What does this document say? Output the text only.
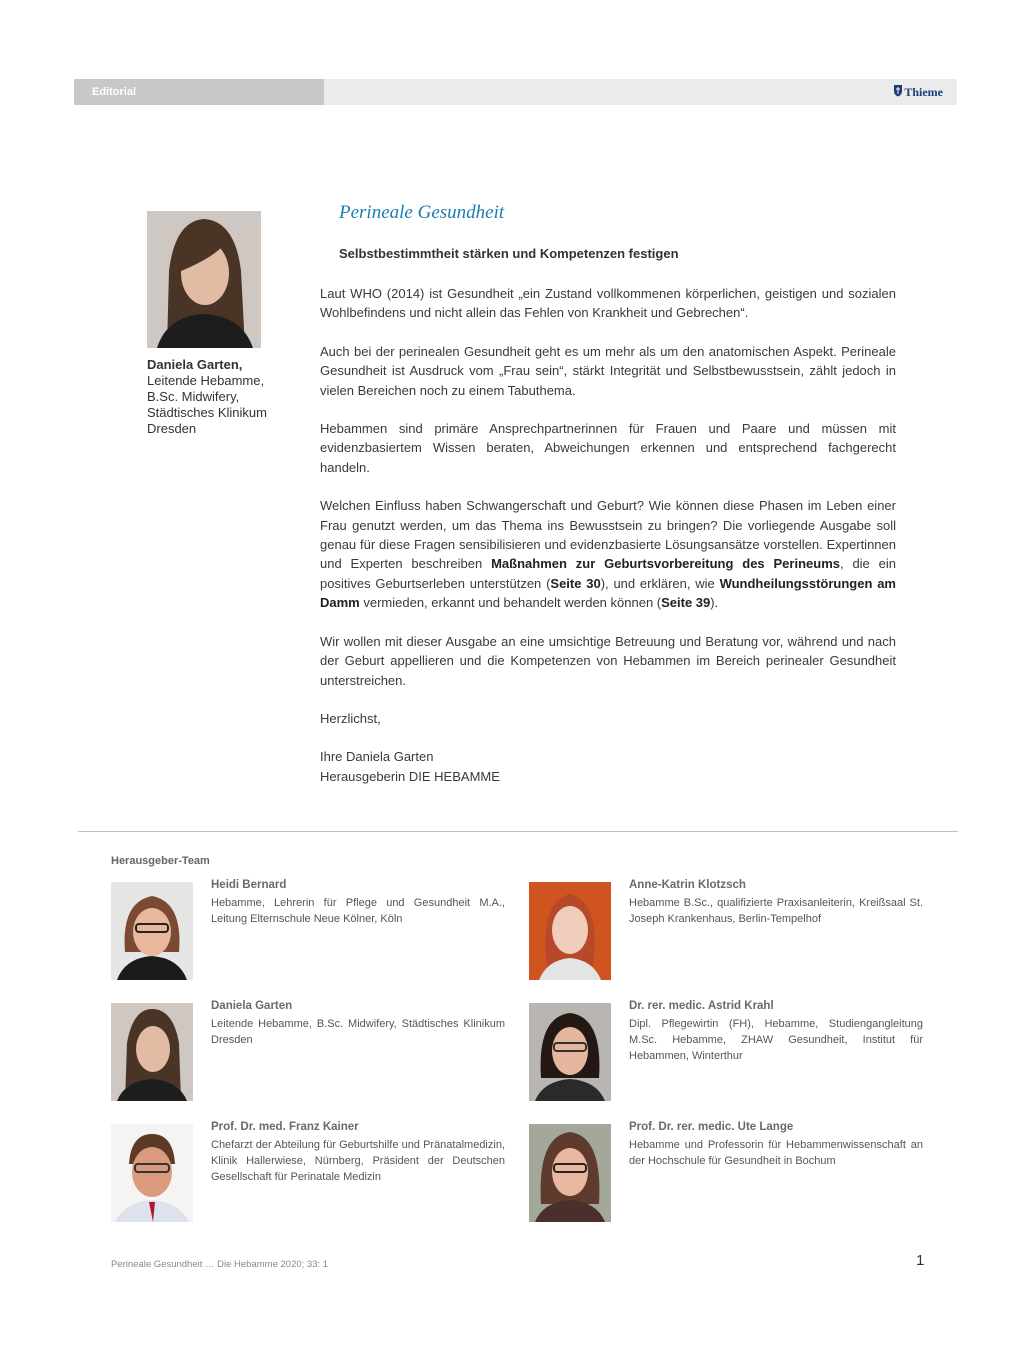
Editorial	Thieme
Daniela Garten,
Leitende Hebamme,
B.Sc. Midwifery,
Städtisches Klinikum
Dresden
Perineale Gesundheit
Selbstbestimmtheit stärken und Kompetenzen festigen

Laut WHO (2014) ist Gesundheit „ein Zustand vollkommenen körperlichen, geistigen und sozialen Wohlbefindens und nicht allein das Fehlen von Krankheit und Gebrechen“.

Auch bei der perinealen Gesundheit geht es um mehr als um den anatomischen Aspekt. Perineale Gesundheit ist Ausdruck vom „Frau sein“, stärkt Integrität und Selbstbewusstsein, zählt jedoch in vielen Bereichen noch zu einem Tabuthema.

Hebammen sind primäre Ansprechpartnerinnen für Frauen und Paare und müssen mit evidenzbasiertem Wissen beraten, Abweichungen erkennen und entsprechend fachgerecht handeln.

Welchen Einfluss haben Schwangerschaft und Geburt? Wie können diese Phasen im Leben einer Frau genutzt werden, um das Thema ins Bewusstsein zu bringen? Die vorliegende Ausgabe soll genau für diese Fragen sensibilisieren und evidenzbasierte Lösungsansätze vorstellen. Expertinnen und Experten beschreiben Maßnahmen zur Geburtsvorbereitung des Perineums, die ein positives Geburtserleben unterstützen (Seite 30), und erklären, wie Wundheilungsstörungen am Damm vermieden, erkannt und behandelt werden können (Seite 39).

Wir wollen mit dieser Ausgabe an eine umsichtige Betreuung und Beratung vor, während und nach der Geburt appellieren und die Kompetenzen von Hebammen im Bereich perinealer Gesundheit unterstreichen.

Herzlichst,

Ihre Daniela Garten
Herausgeberin DIE HEBAMME

Herausgeber-Team
Heidi Bernard
Hebamme, Lehrerin für Pflege und Gesundheit M.A., Leitung Elternschule Neue Kölner, Köln
Anne-Katrin Klotzsch
Hebamme B.Sc., qualifizierte Praxisanleiterin, Kreißsaal St. Joseph Krankenhaus, Berlin-Tempelhof
Daniela Garten
Leitende Hebamme, B.Sc. Midwifery, Städtisches Klinikum Dresden
Dr. rer. medic. Astrid Krahl
Dipl. Pflegewirtin (FH), Hebamme, Studiengangleitung M.Sc. Hebamme, ZHAW Gesundheit, Institut für Hebammen, Winterthur
Prof. Dr. med. Franz Kainer
Chefarzt der Abteilung für Geburtshilfe und Pränatalmedizin, Klinik Hallerwiese, Nürnberg, Präsident der Deutschen Gesellschaft für Perinatale Medizin
Prof. Dr. rer. medic. Ute Lange
Hebamme und Professorin für Hebammenwissenschaft an der Hochschule für Gesundheit in Bochum
Perineale Gesundheit … Die Hebamme 2020; 33: 1	1
